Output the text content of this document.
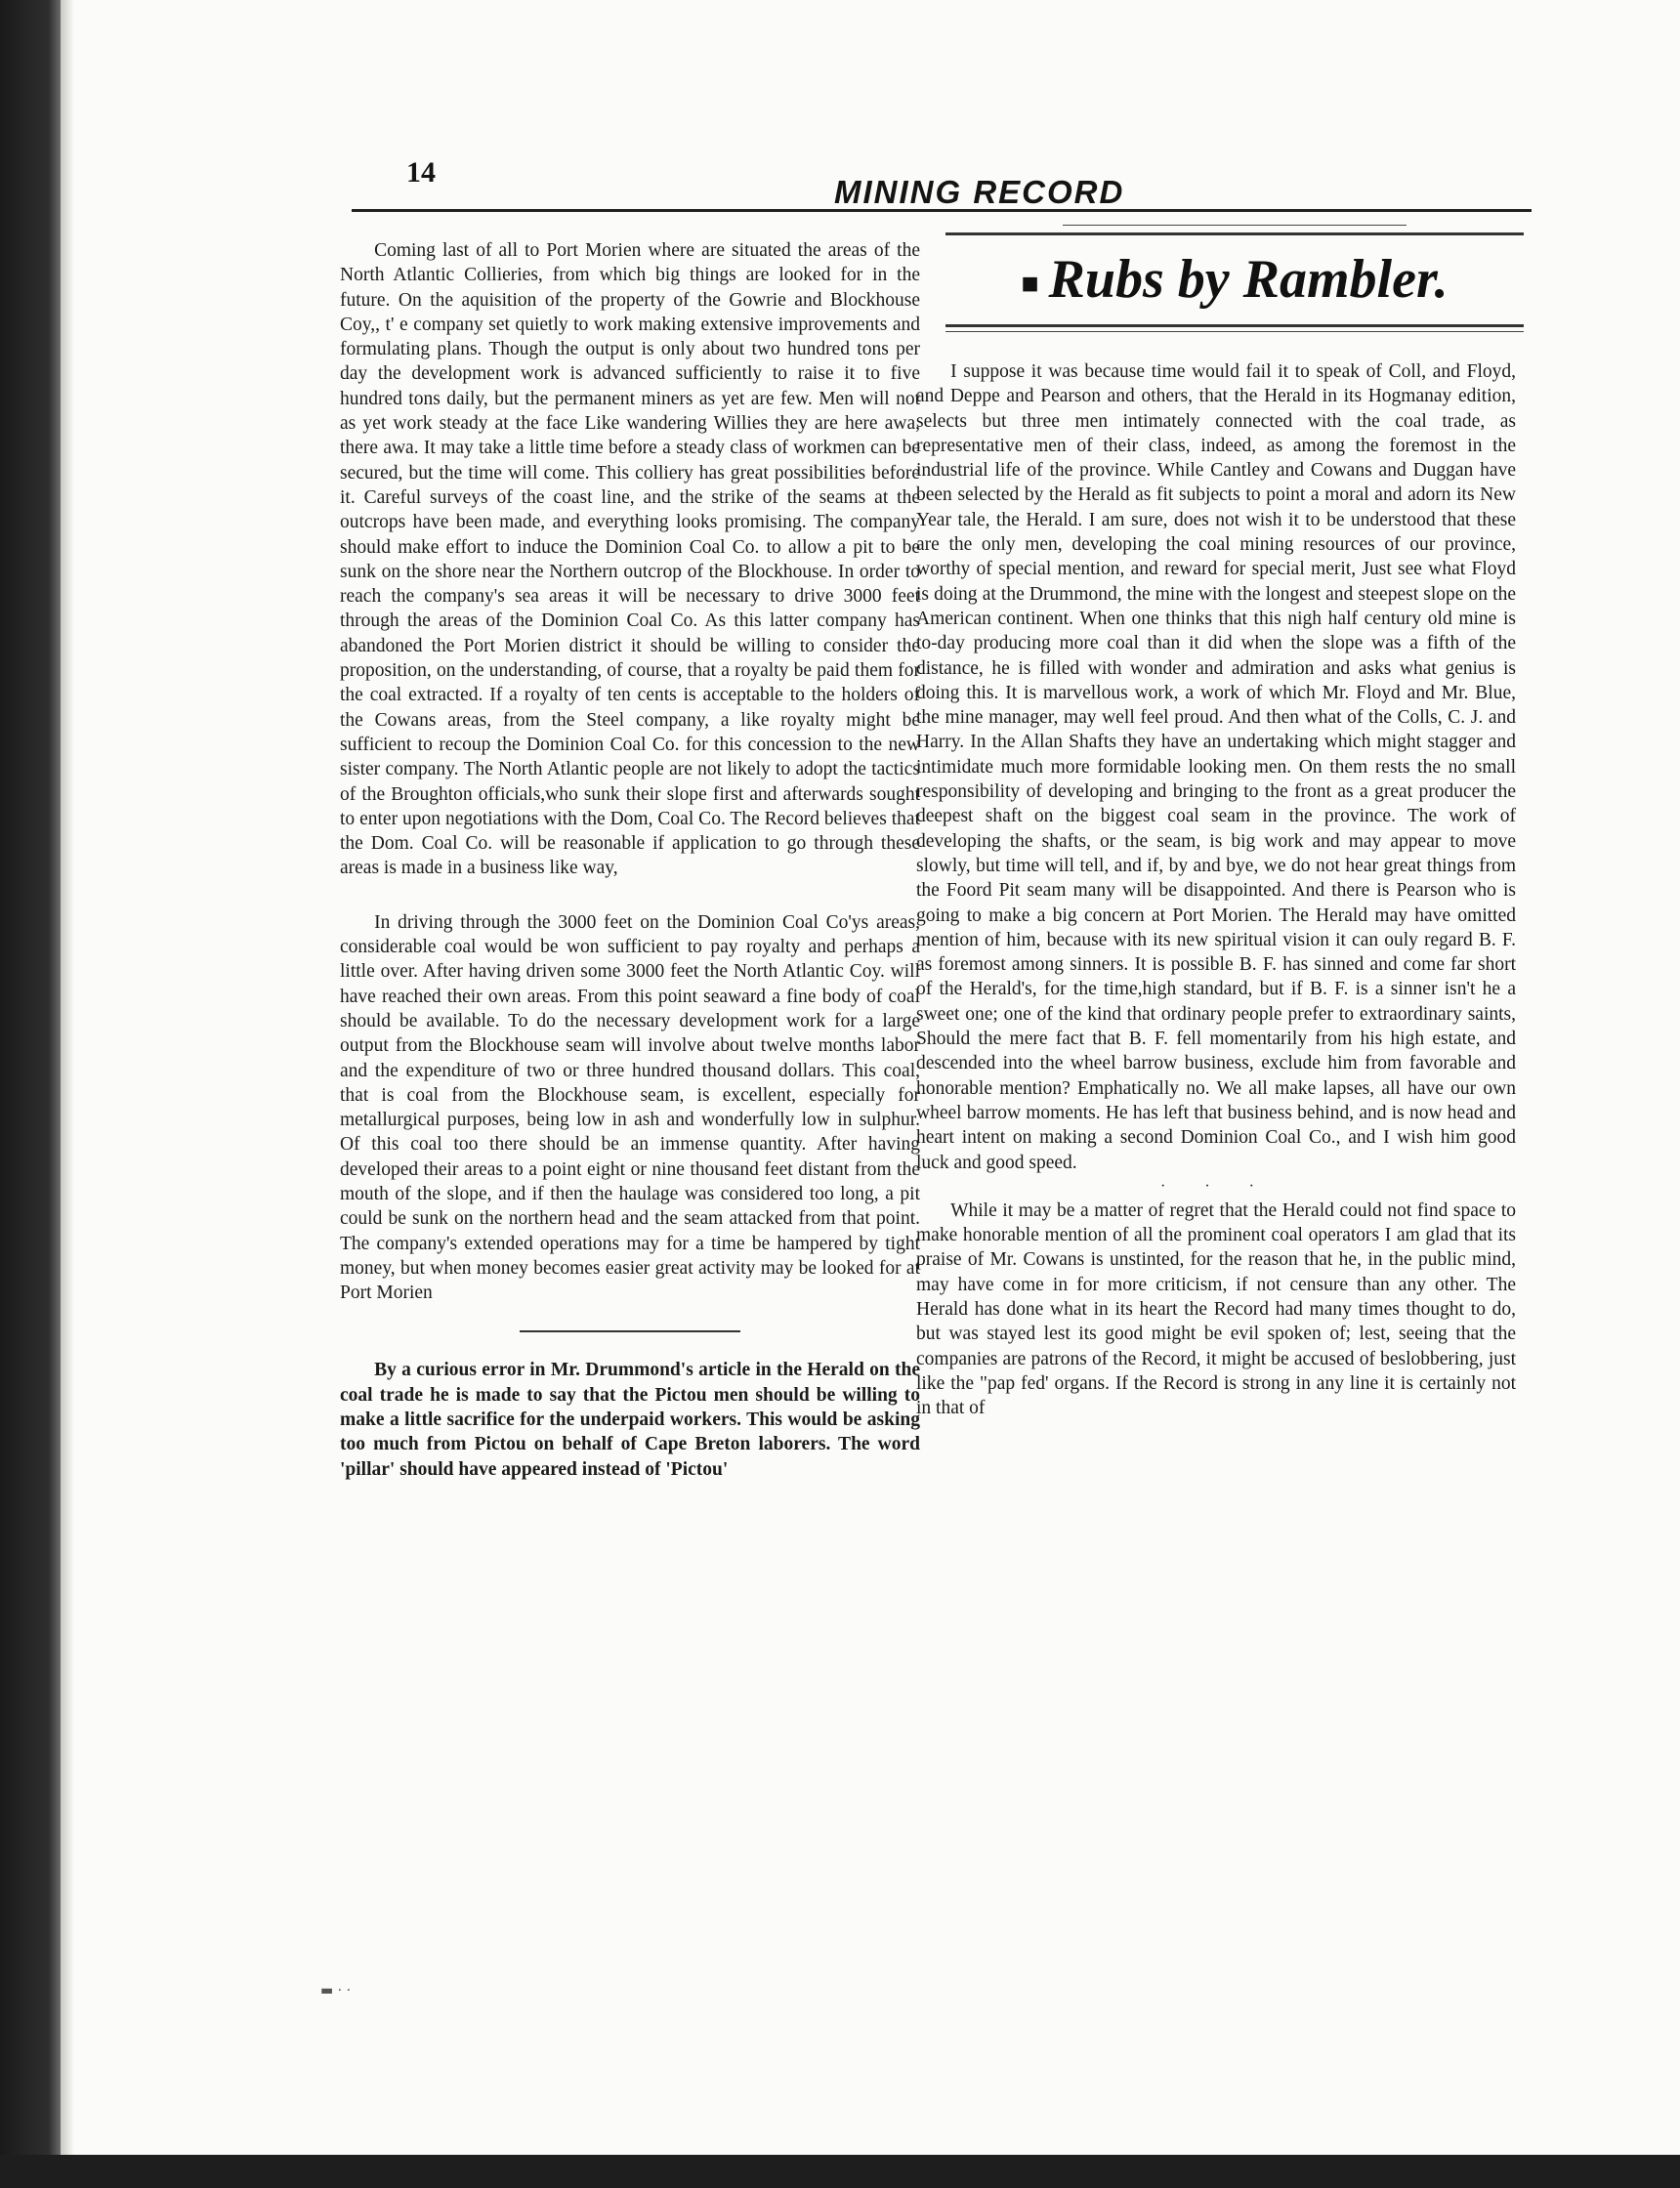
14
MINING RECORD

Coming last of all to Port Morien where are situated the areas of the North Atlantic Collieries, from which big things are looked for in the future. On the aquisition of the property of the Gowrie and Blockhouse Coy,, t' e company set quietly to work making extensive improvements and formulating plans. Though the output is only about two hundred tons per day the development work is advanced sufficiently to raise it to five hundred tons daily, but the permanent miners as yet are few. Men will not as yet work steady at the face Like wandering Willies they are here awa, there awa. It may take a little time before a steady class of workmen can be secured, but the time will come. This colliery has great possibilities before it. Careful surveys of the coast line, and the strike of the seams at the outcrops have been made, and everything looks promising. The company should make effort to induce the Dominion Coal Co. to allow a pit to be sunk on the shore near the Northern outcrop of the Blockhouse. In order to reach the company's sea areas it will be necessary to drive 3000 feet through the areas of the Dominion Coal Co. As this latter company has abandoned the Port Morien district it should be willing to consider the proposition, on the understanding, of course, that a royalty be paid them for the coal extracted. If a royalty of ten cents is acceptable to the holders of the Cowans areas, from the Steel company, a like royalty might be sufficient to recoup the Dominion Coal Co. for this concession to the new sister company. The North Atlantic people are not likely to adopt the tactics of the Broughton officials,who sunk their slope first and afterwards sought to enter upon negotiations with the Dom, Coal Co. The Record believes that the Dom. Coal Co. will be reasonable if application to go through these areas is made in a business like way,

In driving through the 3000 feet on the Dominion Coal Co'ys areas, considerable coal would be won sufficient to pay royalty and perhaps a little over. After having driven some 3000 feet the North Atlantic Coy. will have reached their own areas. From this point seaward a fine body of coal should be available. To do the necessary development work for a large output from the Blockhouse seam will involve about twelve months labor and the expenditure of two or three hundred thousand dollars. This coal, that is coal from the Blockhouse seam, is excellent, especially for metallurgical purposes, being low in ash and wonderfully low in sulphur. Of this coal too there should be an immense quantity. After having developed their areas to a point eight or nine thousand feet distant from the mouth of the slope, and if then the haulage was considered too long, a pit could be sunk on the northern head and the seam attacked from that point. The company's extended operations may for a time be hampered by tight money, but when money becomes easier great activity may be looked for at Port Morien

By a curious error in Mr. Drummond's article in the Herald on the coal trade he is made to say that the Pictou men should be willing to make a little sacrifice for the underpaid workers. This would be asking too much from Pictou on behalf of Cape Breton laborers. The word 'pillar' should have appeared instead of 'Pictou'

■ Rubs by Rambler.

I suppose it was because time would fail it to speak of Coll, and Floyd, and Deppe and Pearson and others, that the Herald in its Hogmanay edition, selects but three men intimately connected with the coal trade, as representative men of their class, indeed, as among the foremost in the industrial life of the province. While Cantley and Cowans and Duggan have been selected by the Herald as fit subjects to point a moral and adorn its New Year tale, the Herald. I am sure, does not wish it to be understood that these are the only men, developing the coal mining resources of our province, worthy of special mention, and reward for special merit, Just see what Floyd is doing at the Drummond, the mine with the longest and steepest slope on the American continent. When one thinks that this nigh half century old mine is to-day producing more coal than it did when the slope was a fifth of the distance, he is filled with wonder and admiration and asks what genius is doing this. It is marvellous work, a work of which Mr. Floyd and Mr. Blue, the mine manager, may well feel proud. And then what of the Colls, C. J. and Harry. In the Allan Shafts they have an undertaking which might stagger and intimidate much more formidable looking men. On them rests the no small responsibility of developing and bringing to the front as a great producer the deepest shaft on the biggest coal seam in the province. The work of developing the shafts, or the seam, is big work and may appear to move slowly, but time will tell, and if, by and bye, we do not hear great things from the Foord Pit seam many will be disappointed. And there is Pearson who is going to make a big concern at Port Morien. The Herald may have omitted mention of him, because with its new spiritual vision it can ouly regard B. F. as foremost among sinners. It is possible B. F. has sinned and come far short of the Herald's, for the time,high standard, but if B. F. is a sinner isn't he a sweet one; one of the kind that ordinary people prefer to extraordinary saints, Should the mere fact that B. F. fell momentarily from his high estate, and descended into the wheel barrow business, exclude him from favorable and honorable mention? Emphatically no. We all make lapses, all have our own wheel barrow moments. He has left that business behind, and is now head and heart intent on making a second Dominion Coal Co., and I wish him good luck and good speed.

· · ·

While it may be a matter of regret that the Herald could not find space to make honorable mention of all the prominent coal operators I am glad that its praise of Mr. Cowans is unstinted, for the reason that he, in the public mind, may have come in for more criticism, if not censure than any other. The Herald has done what in its heart the Record had many times thought to do, but was stayed lest its good might be evil spoken of; lest, seeing that the companies are patrons of the Record, it might be accused of beslobbering, just like the "pap fed' organs. If the Record is strong in any line it is certainly not in that of

▬ · ·
